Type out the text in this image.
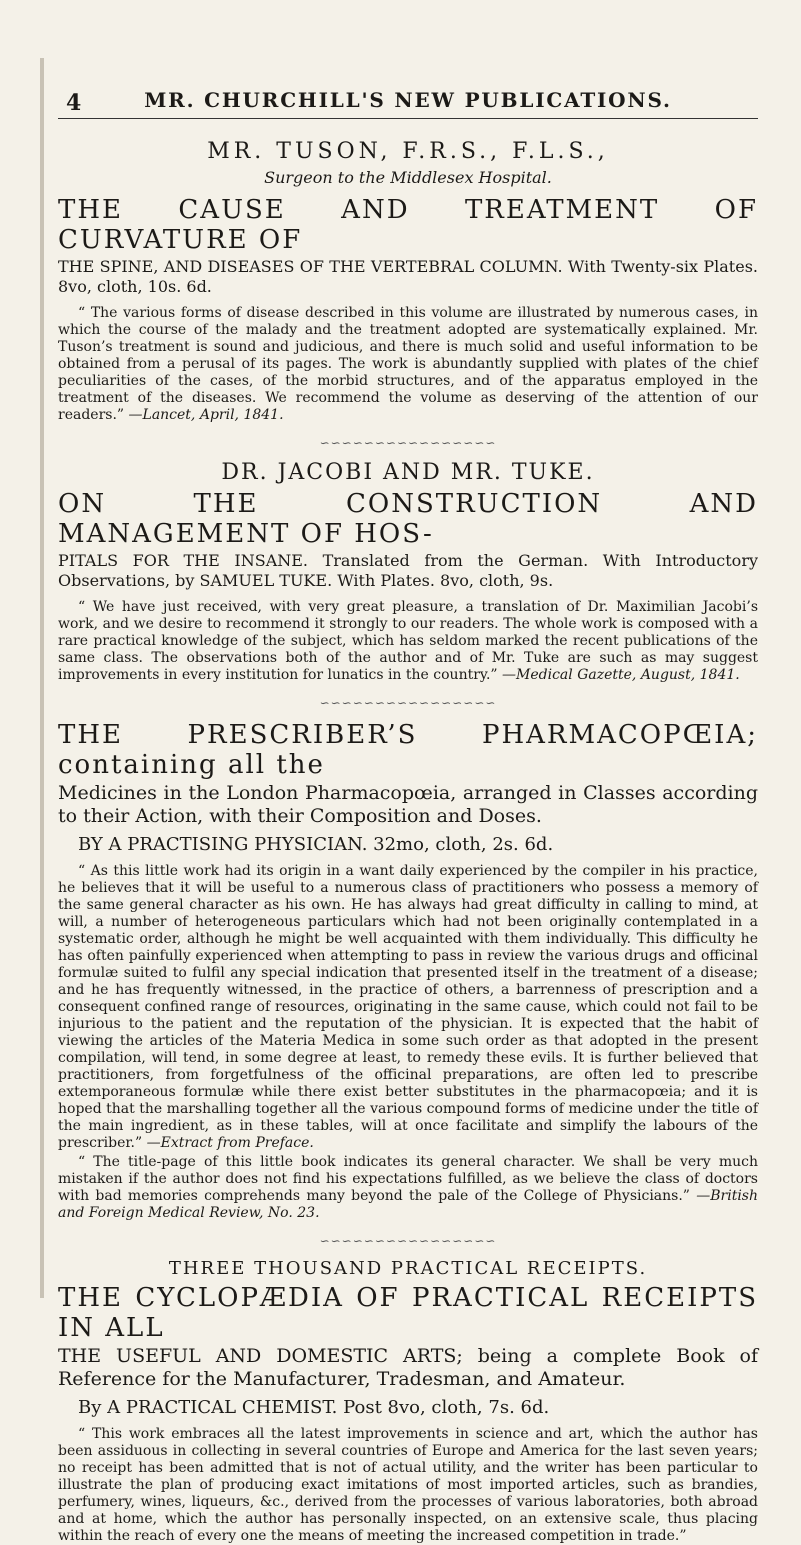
4	MR. CHURCHILL'S NEW PUBLICATIONS.
MR. TUSON, F.R.S., F.L.S.,
Surgeon to the Middlesex Hospital.
THE CAUSE AND TREATMENT OF CURVATURE OF
THE SPINE, AND DISEASES OF THE VERTEBRAL COLUMN. With Twenty-six Plates. 8vo, cloth, 10s. 6d.

“ The various forms of disease described in this volume are illustrated by numerous cases, in which the course of the malady and the treatment adopted are systematically explained. Mr. Tuson’s treatment is sound and judicious, and there is much solid and useful information to be obtained from a perusal of its pages. The work is abundantly supplied with plates of the chief peculiarities of the cases, of the morbid structures, and of the apparatus employed in the treatment of the diseases. We recommend the volume as deserving of the attention of our readers.” —Lancet, April, 1841.

∽∽∽∽∽∽∽∽∽∽∽∽∽∽∽∽
DR. JACOBI AND MR. TUKE.
ON THE CONSTRUCTION AND MANAGEMENT OF HOS-
PITALS FOR THE INSANE. Translated from the German. With Introductory Observations, by SAMUEL TUKE. With Plates. 8vo, cloth, 9s.

“ We have just received, with very great pleasure, a translation of Dr. Maximilian Jacobi’s work, and we desire to recommend it strongly to our readers. The whole work is composed with a rare practical knowledge of the subject, which has seldom marked the recent publications of the same class. The observations both of the author and of Mr. Tuke are such as may suggest improvements in every institution for lunatics in the country.” —Medical Gazette, August, 1841.

∽∽∽∽∽∽∽∽∽∽∽∽∽∽∽∽
THE PRESCRIBER’S PHARMACOPŒIA; containing all the
Medicines in the London Pharmacopœia, arranged in Classes according to their Action, with their Composition and Doses.
BY A PRACTISING PHYSICIAN. 32mo, cloth, 2s. 6d.

“ As this little work had its origin in a want daily experienced by the compiler in his practice, he believes that it will be useful to a numerous class of practitioners who possess a memory of the same general character as his own. He has always had great difficulty in calling to mind, at will, a number of heterogeneous particulars which had not been originally contemplated in a systematic order, although he might be well acquainted with them individually. This difficulty he has often painfully experienced when attempting to pass in review the various drugs and officinal formulæ suited to fulfil any special indication that presented itself in the treatment of a disease; and he has frequently witnessed, in the practice of others, a barrenness of prescription and a consequent confined range of resources, originating in the same cause, which could not fail to be injurious to the patient and the reputation of the physician. It is expected that the habit of viewing the articles of the Materia Medica in some such order as that adopted in the present compilation, will tend, in some degree at least, to remedy these evils. It is further believed that practitioners, from forgetfulness of the officinal preparations, are often led to prescribe extemporaneous formulæ while there exist better substitutes in the pharmacopœia; and it is hoped that the marshalling together all the various compound forms of medicine under the title of the main ingredient, as in these tables, will at once facilitate and simplify the labours of the prescriber.” —Extract from Preface.

“ The title-page of this little book indicates its general character. We shall be very much mistaken if the author does not find his expectations fulfilled, as we believe the class of doctors with bad memories comprehends many beyond the pale of the College of Physicians.” —British and Foreign Medical Review, No. 23.

∽∽∽∽∽∽∽∽∽∽∽∽∽∽∽∽
THREE THOUSAND PRACTICAL RECEIPTS.
THE CYCLOPÆDIA OF PRACTICAL RECEIPTS IN ALL
THE USEFUL AND DOMESTIC ARTS; being a complete Book of Reference for the Manufacturer, Tradesman, and Amateur.
By A PRACTICAL CHEMIST. Post 8vo, cloth, 7s. 6d.

“ This work embraces all the latest improvements in science and art, which the author has been assiduous in collecting in several countries of Europe and America for the last seven years; no receipt has been admitted that is not of actual utility, and the writer has been particular to illustrate the plan of producing exact imitations of most imported articles, such as brandies, perfumery, wines, liqueurs, &c., derived from the processes of various laboratories, both abroad and at home, which the author has personally inspected, on an extensive scale, thus placing within the reach of every one the means of meeting the increased competition in trade.”
